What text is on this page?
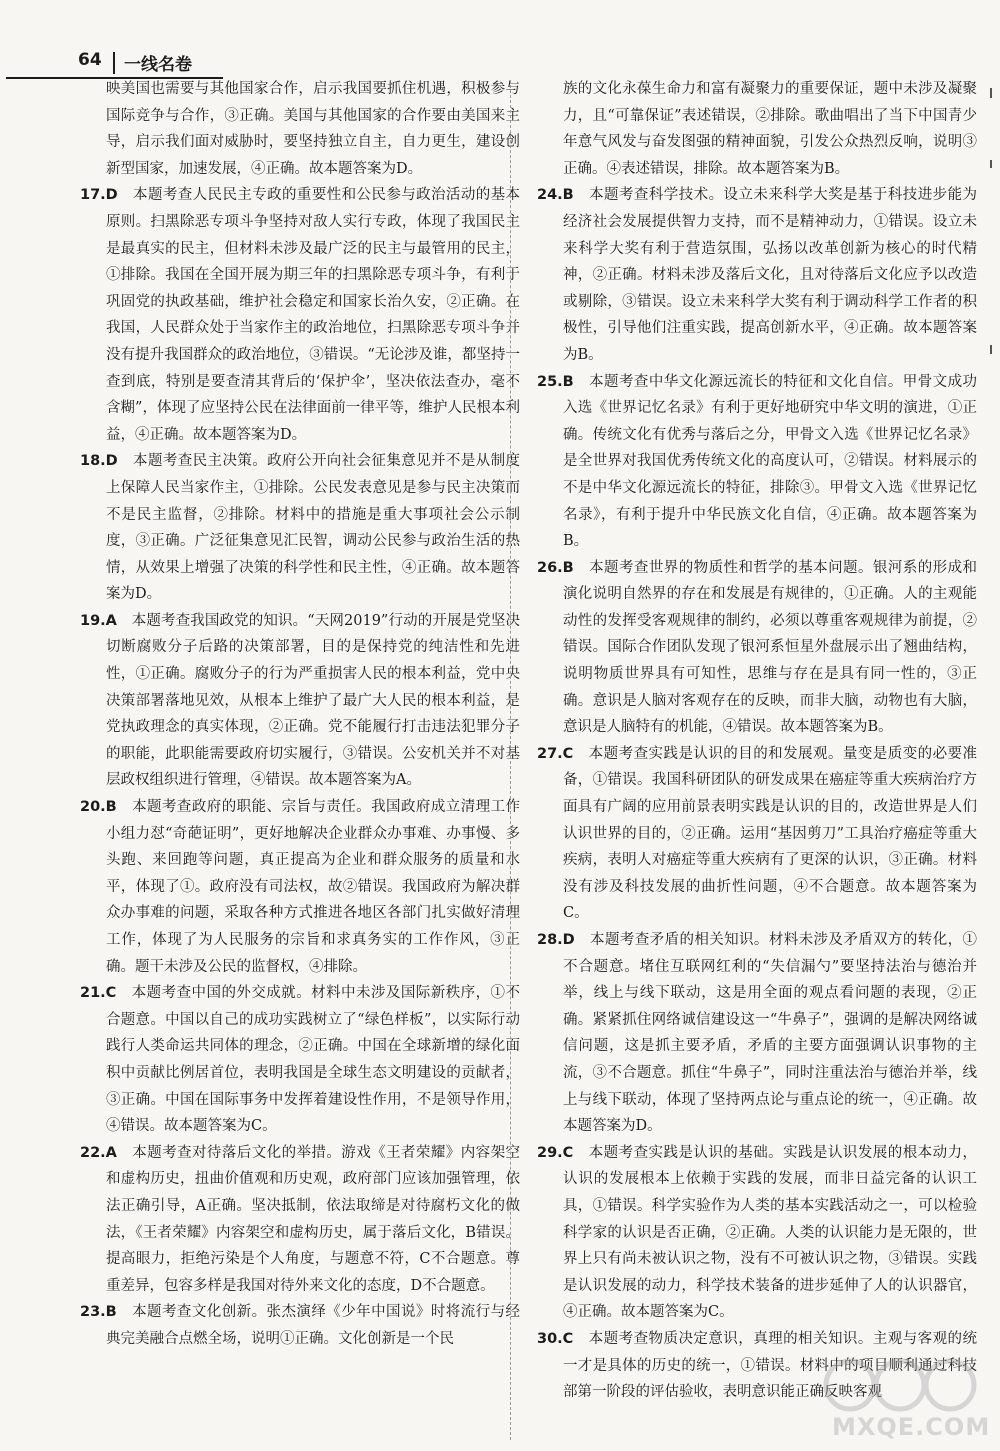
64 一线名卷

映美国也需要与其他国家合作，启示我国要抓住机遇，积极参与国际竞争与合作，③正确。美国与其他国家的合作要由美国来主导，启示我们面对威胁时，要坚持独立自主，自力更生，建设创新型国家，加速发展，④正确。故本题答案为D。

17.D　 本题考查人民民主专政的重要性和公民参与政治活动的基本原则。扫黑除恶专项斗争坚持对敌人实行专政，体现了我国民主是最真实的民主，但材料未涉及最广泛的民主与最管用的民主，①排除。我国在全国开展为期三年的扫黑除恶专项斗争，有利于巩固党的执政基础，维护社会稳定和国家长治久安，②正确。在我国，人民群众处于当家作主的政治地位，扫黑除恶专项斗争并没有提升我国群众的政治地位，③错误。“无论涉及谁，都坚持一查到底，特别是要查清其背后的‘保护伞’，坚决依法查办，毫不含糊”，体现了应坚持公民在法律面前一律平等，维护人民根本利益，④正确。故本题答案为D。

18.D　 本题考查民主决策。政府公开向社会征集意见并不是从制度上保障人民当家作主，①排除。公民发表意见是参与民主决策而不是民主监督，②排除。材料中的措施是重大事项社会公示制度，③正确。广泛征集意见汇民智，调动公民参与政治生活的热情，从效果上增强了决策的科学性和民主性，④正确。故本题答案为D。

19.A　 本题考查我国政党的知识。“天网2019”行动的开展是党坚决切断腐败分子后路的决策部署，目的是保持党的纯洁性和先进性，①正确。腐败分子的行为严重损害人民的根本利益，党中央决策部署落地见效，从根本上维护了最广大人民的根本利益，是党执政理念的真实体现，②正确。党不能履行打击违法犯罪分子的职能，此职能需要政府切实履行，③错误。公安机关并不对基层政权组织进行管理，④错误。故本题答案为A。

20.B　 本题考查政府的职能、宗旨与责任。我国政府成立清理工作小组力怼“奇葩证明”，更好地解决企业群众办事难、办事慢、多头跑、来回跑等问题，真正提高为企业和群众服务的质量和水平，体现了①。政府没有司法权，故②错误。我国政府为解决群众办事难的问题，采取各种方式推进各地区各部门扎实做好清理工作，体现了为人民服务的宗旨和求真务实的工作作风，③正确。题干未涉及公民的监督权，④排除。

21.C　 本题考查中国的外交成就。材料中未涉及国际新秩序，①不合题意。中国以自己的成功实践树立了“绿色样板”，以实际行动践行人类命运共同体的理念，②正确。中国在全球新增的绿化面积中贡献比例居首位，表明我国是全球生态文明建设的贡献者，③正确。中国在国际事务中发挥着建设性作用，不是领导作用，④错误。故本题答案为C。

22.A　 本题考查对待落后文化的举措。游戏《王者荣耀》内容架空和虚构历史，扭曲价值观和历史观，政府部门应该加强管理，依法正确引导，A正确。坚决抵制，依法取缔是对待腐朽文化的做法，《王者荣耀》内容架空和虚构历史，属于落后文化，B错误。提高眼力，拒绝污染是个人角度，与题意不符，C不合题意。尊重差异，包容多样是我国对待外来文化的态度，D不合题意。

23.B　 本题考查文化创新。张杰演绎《少年中国说》时将流行与经典完美融合点燃全场，说明①正确。文化创新是一个民

族的文化永葆生命力和富有凝聚力的重要保证，题中未涉及凝聚力，且“可靠保证”表述错误，②排除。歌曲唱出了当下中国青少年意气风发与奋发图强的精神面貌，引发公众热烈反响，说明③正确。④表述错误，排除。故本题答案为B。

24.B　 本题考查科学技术。设立未来科学大奖是基于科技进步能为经济社会发展提供智力支持，而不是精神动力，①错误。设立未来科学大奖有利于营造氛围，弘扬以改革创新为核心的时代精神，②正确。材料未涉及落后文化，且对待落后文化应予以改造或剔除，③错误。设立未来科学大奖有利于调动科学工作者的积极性，引导他们注重实践，提高创新水平，④正确。故本题答案为B。

25.B　 本题考查中华文化源远流长的特征和文化自信。甲骨文成功入选《世界记忆名录》有利于更好地研究中华文明的演进，①正确。传统文化有优秀与落后之分，甲骨文入选《世界记忆名录》是全世界对我国优秀传统文化的高度认可，②错误。材料展示的不是中华文化源远流长的特征，排除③。甲骨文入选《世界记忆名录》，有利于提升中华民族文化自信，④正确。故本题答案为B。

26.B　 本题考查世界的物质性和哲学的基本问题。银河系的形成和演化说明自然界的存在和发展是有规律的，①正确。人的主观能动性的发挥受客观规律的制约，必须以尊重客观规律为前提，②错误。国际合作团队发现了银河系恒星外盘展示出了翘曲结构，说明物质世界具有可知性，思维与存在是具有同一性的，③正确。意识是人脑对客观存在的反映，而非大脑，动物也有大脑，意识是人脑特有的机能，④错误。故本题答案为B。

27.C　 本题考查实践是认识的目的和发展观。量变是质变的必要准备，①错误。我国科研团队的研发成果在癌症等重大疾病治疗方面具有广阔的应用前景表明实践是认识的目的，改造世界是人们认识世界的目的，②正确。运用“基因剪刀”工具治疗癌症等重大疾病，表明人对癌症等重大疾病有了更深的认识，③正确。材料没有涉及科技发展的曲折性问题，④不合题意。故本题答案为C。

28.D　 本题考查矛盾的相关知识。材料未涉及矛盾双方的转化，①不合题意。堵住互联网红利的“失信漏勺”要坚持法治与德治并举，线上与线下联动，这是用全面的观点看问题的表现，②正确。紧紧抓住网络诚信建设这一“牛鼻子”，强调的是解决网络诚信问题，这是抓主要矛盾，矛盾的主要方面强调认识事物的主流，③不合题意。抓住“牛鼻子”，同时注重法治与德治并举，线上与线下联动，体现了坚持两点论与重点论的统一，④正确。故本题答案为D。

29.C　 本题考查实践是认识的基础。实践是认识发展的根本动力，认识的发展根本上依赖于实践的发展，而非日益完备的认识工具，①错误。科学实验作为人类的基本实践活动之一，可以检验科学家的认识是否正确，②正确。人类的认识能力是无限的，世界上只有尚未被认识之物，没有不可被认识之物，③错误。实践是认识发展的动力，科学技术装备的进步延伸了人的认识器官，④正确。故本题答案为C。

30.C　 本题考查物质决定意识，真理的相关知识。主观与客观的统一才是具体的历史的统一，①错误。材料中的项目顺利通过科技部第一阶段的评估验收，表明意识能正确反映客观

MXQE.COM
